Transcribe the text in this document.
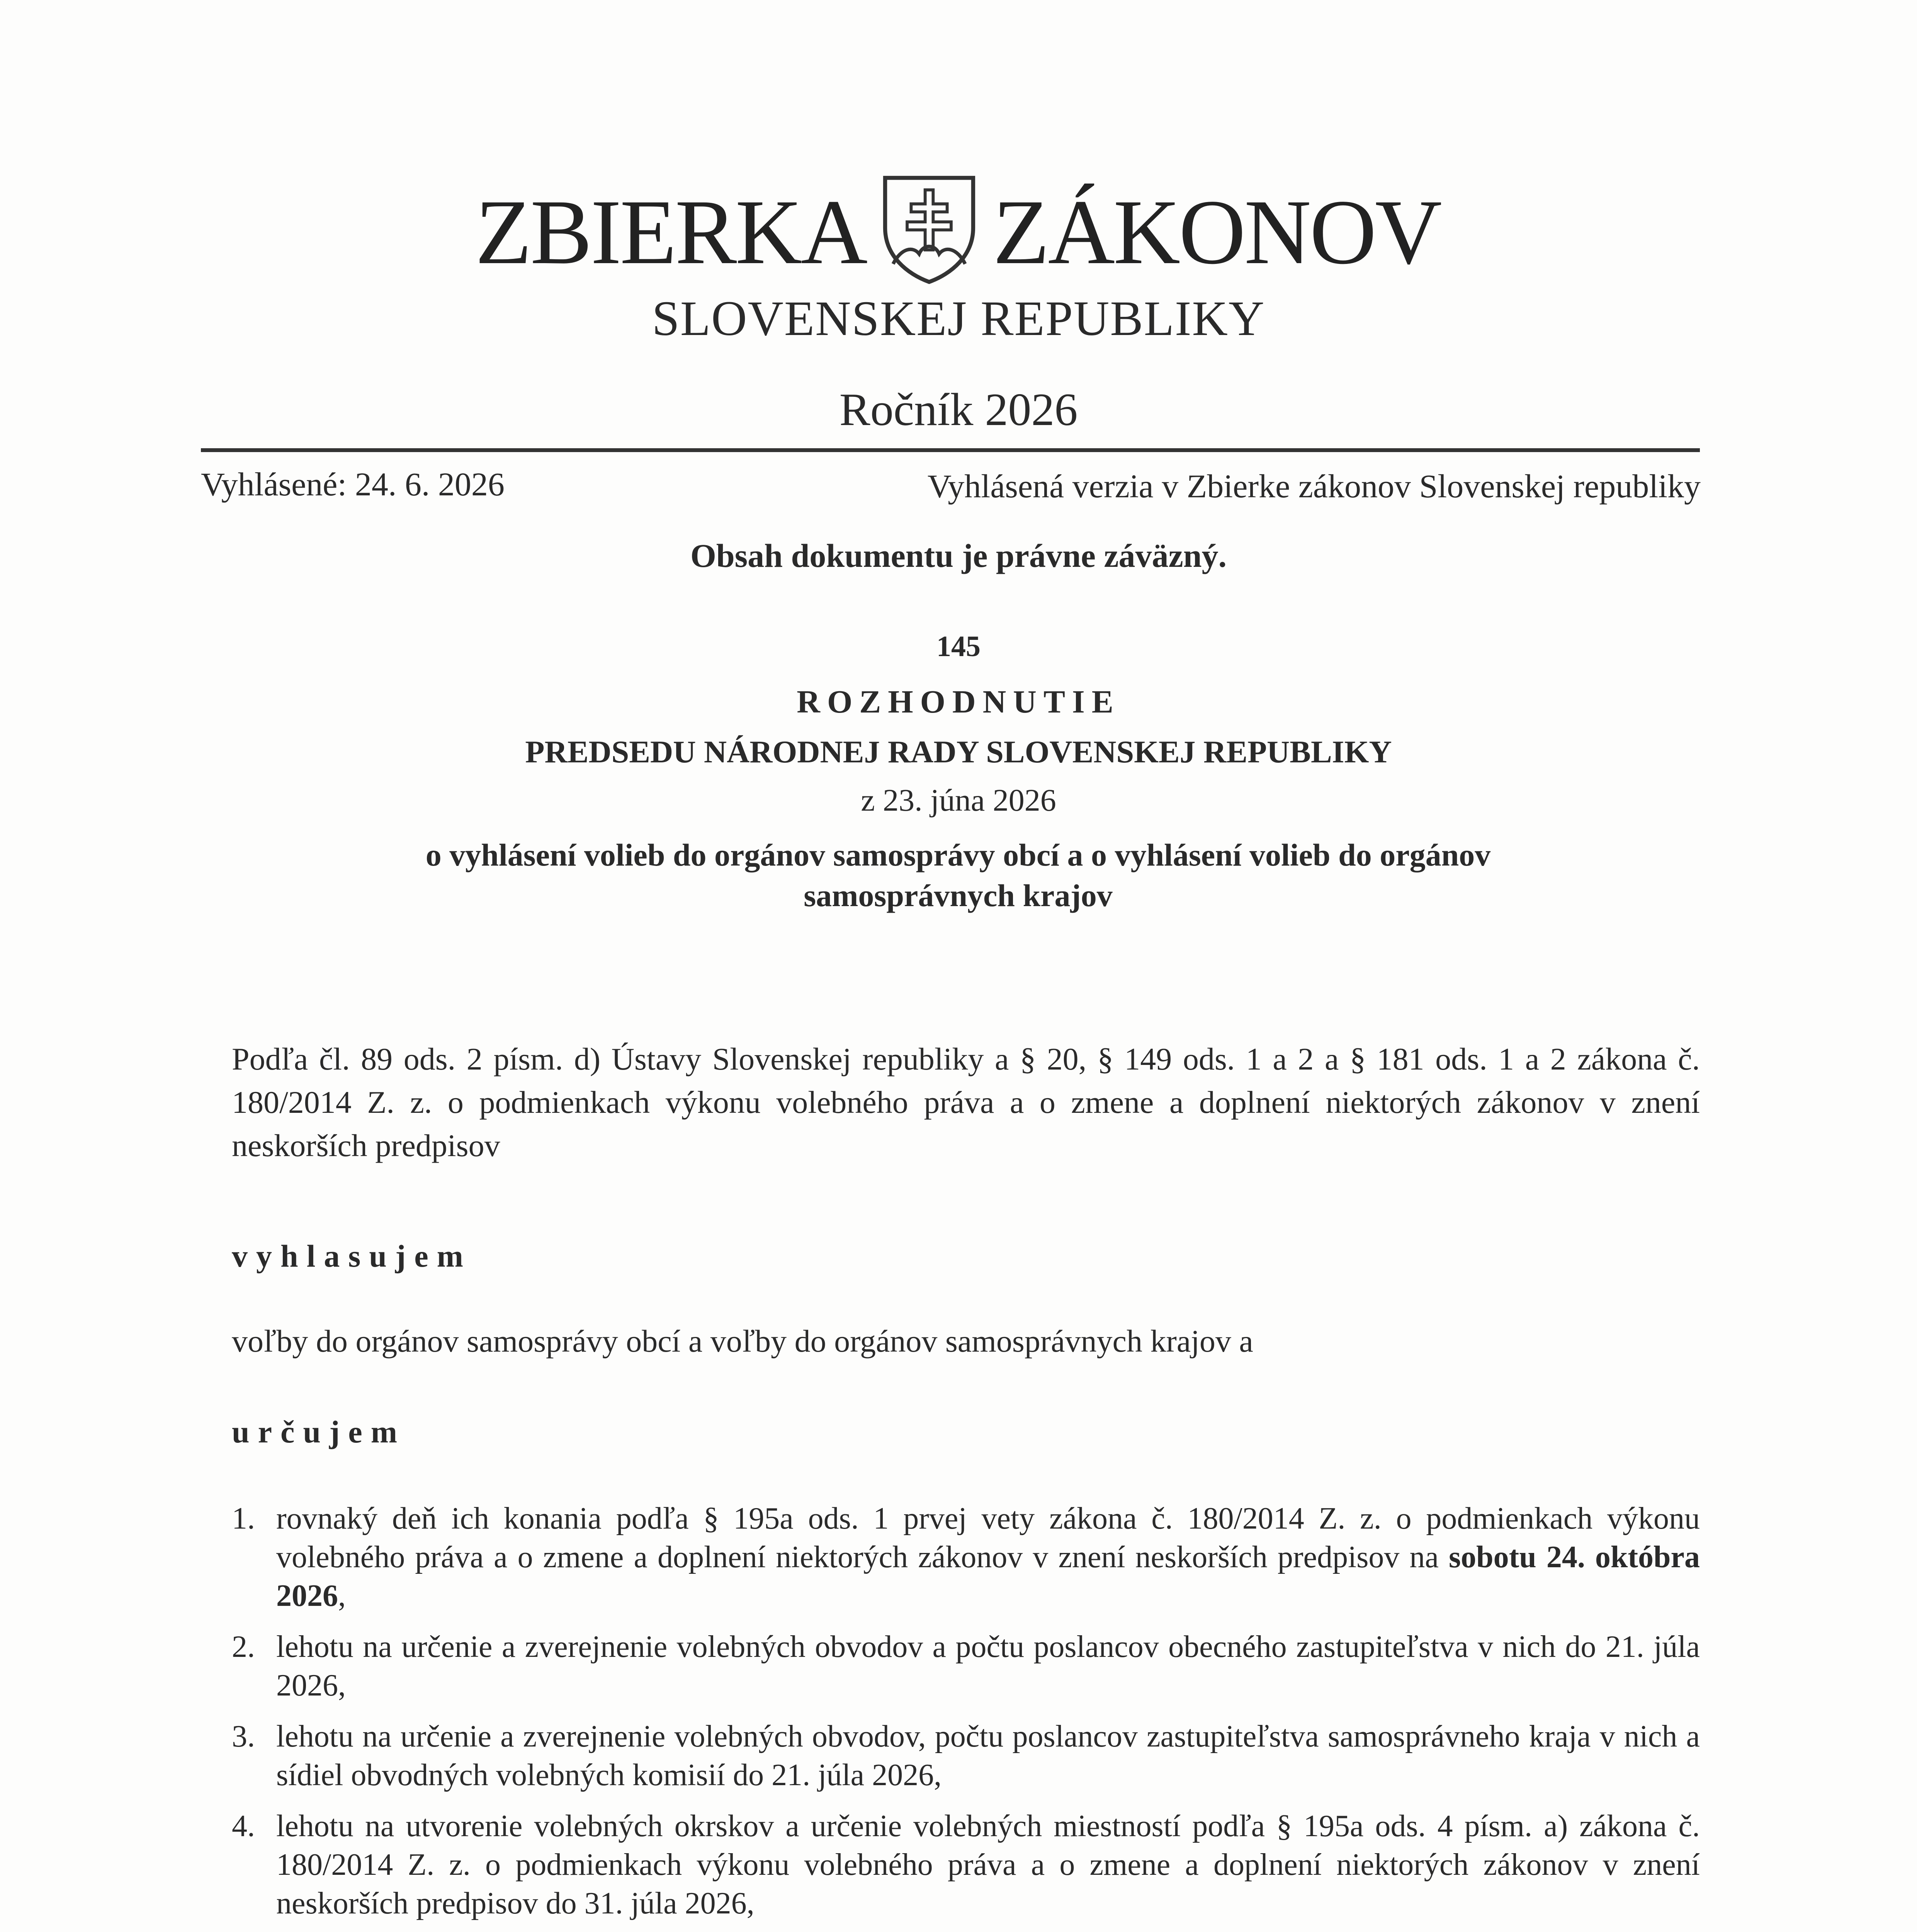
ZBIERKA ZÁKONOV
SLOVENSKEJ REPUBLIKY
Ročník 2026
Vyhlásené: 24. 6. 2026	Vyhlásená verzia v Zbierke zákonov Slovenskej republiky
Obsah dokumentu je právne záväzný.
145
ROZHODNUTIE
PREDSEDU NÁRODNEJ RADY SLOVENSKEJ REPUBLIKY
z 23. júna 2026
o vyhlásení volieb do orgánov samosprávy obcí a o vyhlásení volieb do orgánov samosprávnych krajov
Podľa čl. 89 ods. 2 písm. d) Ústavy Slovenskej republiky a § 20, § 149 ods. 1 a 2 a § 181 ods. 1 a 2 zákona č. 180/2014 Z. z. o podmienkach výkonu volebného práva a o zmene a doplnení niektorých zákonov v znení neskorších predpisov
vyhlasujem
voľby do orgánov samosprávy obcí a voľby do orgánov samosprávnych krajov a
určujem
1. rovnaký deň ich konania podľa § 195a ods. 1 prvej vety zákona č. 180/2014 Z. z. o podmienkach výkonu volebného práva a o zmene a doplnení niektorých zákonov v znení neskorších predpisov na sobotu 24. októbra 2026,
2. lehotu na určenie a zverejnenie volebných obvodov a počtu poslancov obecného zastupiteľstva v nich do 21. júla 2026,
3. lehotu na určenie a zverejnenie volebných obvodov, počtu poslancov zastupiteľstva samosprávneho kraja v nich a sídiel obvodných volebných komisií do 21. júla 2026,
4. lehotu na utvorenie volebných okrskov a určenie volebných miestností podľa § 195a ods. 4 písm. a) zákona č. 180/2014 Z. z. o podmienkach výkonu volebného práva a o zmene a doplnení niektorých zákonov v znení neskorších predpisov do 31. júla 2026,
